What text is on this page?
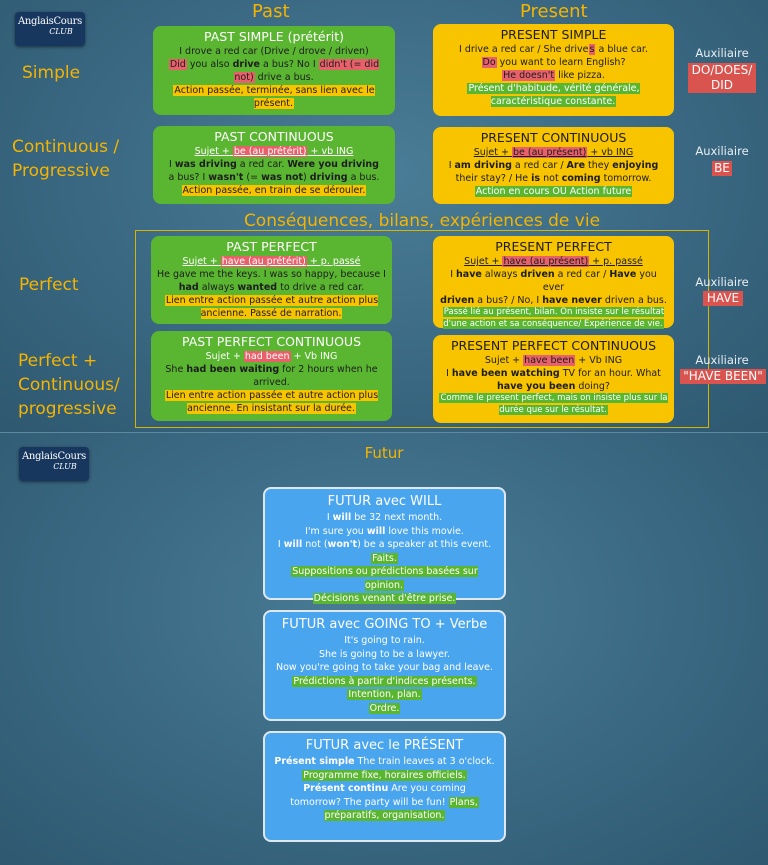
AnglaisCours
CLUB
Past	Present
Simple
Continuous /
Progressive
Perfect
Perfect +
Continuous/
progressive
PAST SIMPLE (prétérit)
I drove a red car (Drive / drove / driven)
Did you also drive a bus? No I didn't (= did not) drive a bus.
Action passée, terminée, sans lien avec le présent.
PRESENT SIMPLE
I drive a red car / She drives a blue car.
Do you want to learn English?
He doesn't like pizza.
Présent d'habitude, vérité générale, caractéristique constante.
PAST CONTINUOUS
Sujet + be (au prétérit) + vb ING
I was driving a red car. Were you driving
a bus? I wasn't (= was not) driving a bus.
Action passée, en train de se dérouler.
PRESENT CONTINUOUS
Sujet + be (au présent) + vb ING
I am driving a red car / Are they enjoying
their stay? / He is not coming tomorrow.
Action en cours OU Action future
Conséquences, bilans, expériences de vie
PAST PERFECT
Sujet + have (au prétérit) + p. passé
He gave me the keys. I was so happy, because I
had always wanted to drive a red car.
Lien entre action passée et autre action plus ancienne. Passé de narration.
PRESENT PERFECT
Sujet + have (au présent) + p. passé
I have always driven a red car / Have you ever
driven a bus? / No, I have never driven a bus.
Passé lié au présent, bilan. On insiste sur le résultat d'une action et sa conséquence/ Expérience de vie.
PAST PERFECT CONTINUOUS
Sujet + had been + Vb ING
She had been waiting for 2 hours when he arrived.
Lien entre action passée et autre action plus ancienne. En insistant sur la durée.
PRESENT PERFECT CONTINUOUS
Sujet + have been + Vb ING
I have been watching TV for an hour. What
have you been doing?
Comme le present perfect, mais on insiste plus sur la durée que sur le résultat.
Auxiliaire
DO/DOES/
DID
Auxiliaire
BE
Auxiliaire
HAVE
Auxiliaire
"HAVE BEEN"
AnglaisCours
CLUB
Futur
FUTUR avec WILL
I will be 32 next month.
I'm sure you will love this movie.
I will not (won't) be a speaker at this event.
Faits.
Suppositions ou prédictions basées sur opinion.
Décisions venant d'être prise.
FUTUR avec GOING TO + Verbe
It's going to rain.
She is going to be a lawyer.
Now you're going to take your bag and leave.
Prédictions à partir d'indices présents.
Intention, plan.
Ordre.
FUTUR avec le PRÉSENT
Présent simple The train leaves at 3 o'clock.
Programme fixe, horaires officiels.
Présent continu Are you coming
tomorrow? The party will be fun! Plans,
préparatifs, organisation.
